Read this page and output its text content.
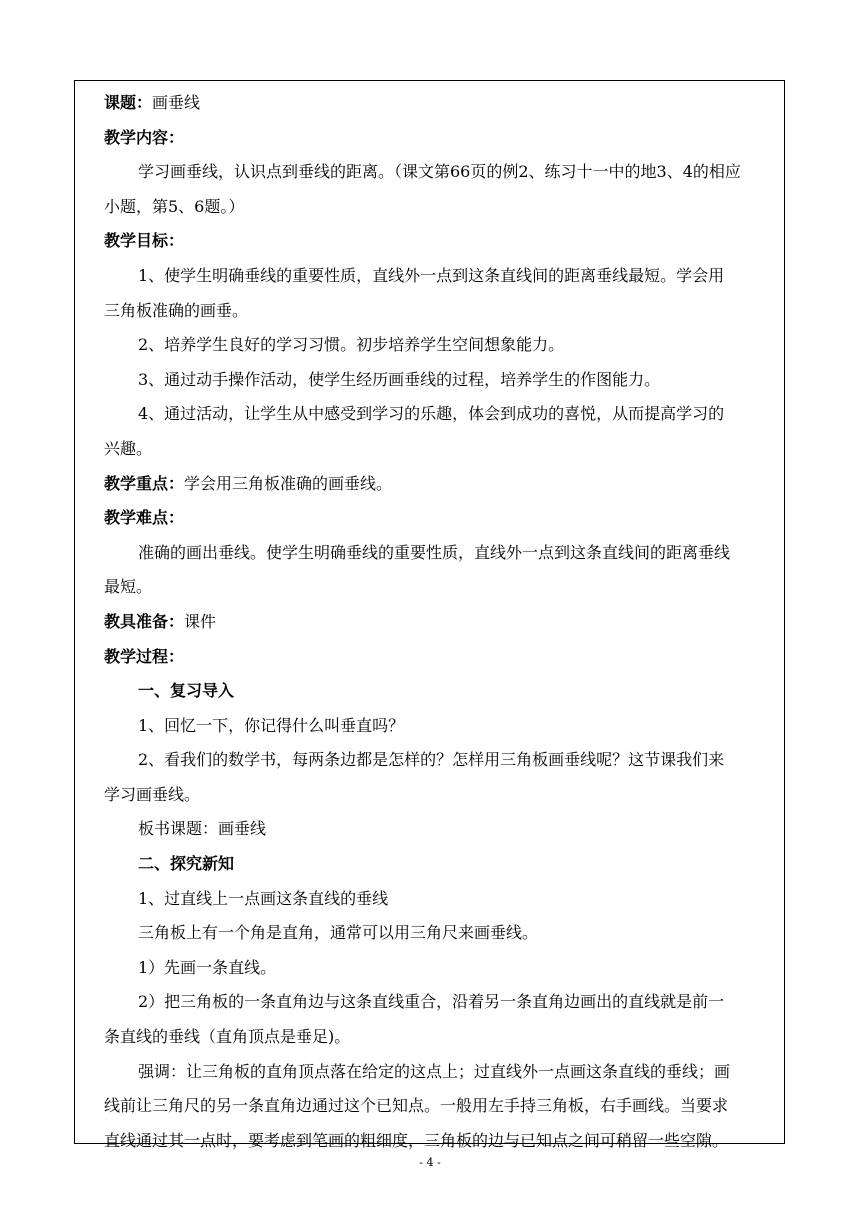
课题：画垂线
教学内容：
学习画垂线，认识点到垂线的距离。（课文第66页的例2、练习十一中的地3、4的相应
小题，第5、6题。）
教学目标：
1、使学生明确垂线的重要性质，直线外一点到这条直线间的距离垂线最短。学会用
三角板准确的画垂。
2、培养学生良好的学习习惯。初步培养学生空间想象能力。
3、通过动手操作活动，使学生经历画垂线的过程，培养学生的作图能力。
4、通过活动，让学生从中感受到学习的乐趣，体会到成功的喜悦，从而提高学习的
兴趣。
教学重点：学会用三角板准确的画垂线。
教学难点：
准确的画出垂线。使学生明确垂线的重要性质，直线外一点到这条直线间的距离垂线
最短。
教具准备：课件
教学过程：
一、复习导入
1、回忆一下，你记得什么叫垂直吗？
2、看我们的数学书，每两条边都是怎样的？怎样用三角板画垂线呢？这节课我们来
学习画垂线。
板书课题：画垂线
二、探究新知
1、过直线上一点画这条直线的垂线
三角板上有一个角是直角，通常可以用三角尺来画垂线。
1）先画一条直线。
2）把三角板的一条直角边与这条直线重合，沿着另一条直角边画出的直线就是前一
条直线的垂线（直角顶点是垂足)。
强调：让三角板的直角顶点落在给定的这点上；过直线外一点画这条直线的垂线；画
线前让三角尺的另一条直角边通过这个已知点。一般用左手持三角板，右手画线。当要求
直线通过其一点时，要考虑到笔画的粗细度，三角板的边与已知点之间可稍留一些空隙。
- 4 -
